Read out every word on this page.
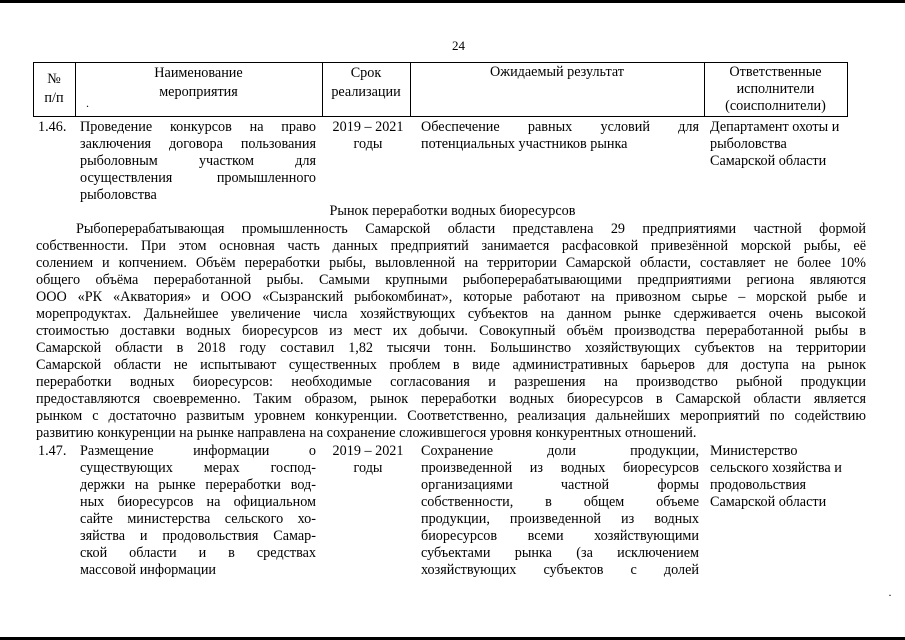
24
№
п/п
Наименование
мероприятия
.
Срок
реализации
Ожидаемый результат	Ответственные
исполнители
(соисполнители)
1.46. Проведение конкурсов на право
заключения договора пользования
рыболовным участком для
осуществления промышленного
рыболовства
2019 – 2021
годы
Обеспечение равных условий для
потенциальных участников рынка
Департамент охоты и
рыболовства
Самарской области
Рынок переработки водных биоресурсов
Рыбоперерабатывающая промышленность Самарской области представлена 29 предприятиями частной формой
собственности. При этом основная часть данных предприятий занимается расфасовкой привезённой морской рыбы, её
солением и копчением. Объём переработки рыбы, выловленной на территории Самарской области, составляет не более 10%
общего объёма переработанной рыбы. Самыми крупными рыбоперерабатывающими предприятиями региона являются
ООО «РК «Акватория» и ООО «Сызранский рыбокомбинат», которые работают на привозном сырье – морской рыбе и
морепродуктах. Дальнейшее увеличение числа хозяйствующих субъектов на данном рынке сдерживается очень высокой
стоимостью доставки водных биоресурсов из мест их добычи. Совокупный объём производства переработанной рыбы в
Самарской области в 2018 году составил 1,82 тысячи тонн. Большинство хозяйствующих субъектов на территории
Самарской области не испытывают существенных проблем в виде административных барьеров для доступа на рынок
переработки водных биоресурсов: необходимые согласования и разрешения на производство рыбной продукции
предоставляются своевременно. Таким образом, рынок переработки водных биоресурсов в Самарской области является
рынком с достаточно развитым уровнем конкуренции. Соответственно, реализация дальнейших мероприятий по содействию
развитию конкуренции на рынке направлена на сохранение сложившегося уровня конкурентных отношений.
1.47. Размещение информации о
существующих мерах господ-
держки на рынке переработки вод-
ных биоресурсов на официальном
сайте министерства сельского хо-
зяйства и продовольствия Самар-
ской области и в средствах
массовой информации
2019 – 2021
годы
Сохранение доли продукции,
произведенной из водных биоресурсов
организациями частной формы
собственности, в общем объеме
продукции, произведенной из водных
биоресурсов всеми хозяйствующими
субъектами рынка (за исключением
хозяйствующих субъектов с долей
Министерство
сельского хозяйства и
продовольствия
Самарской области
·
